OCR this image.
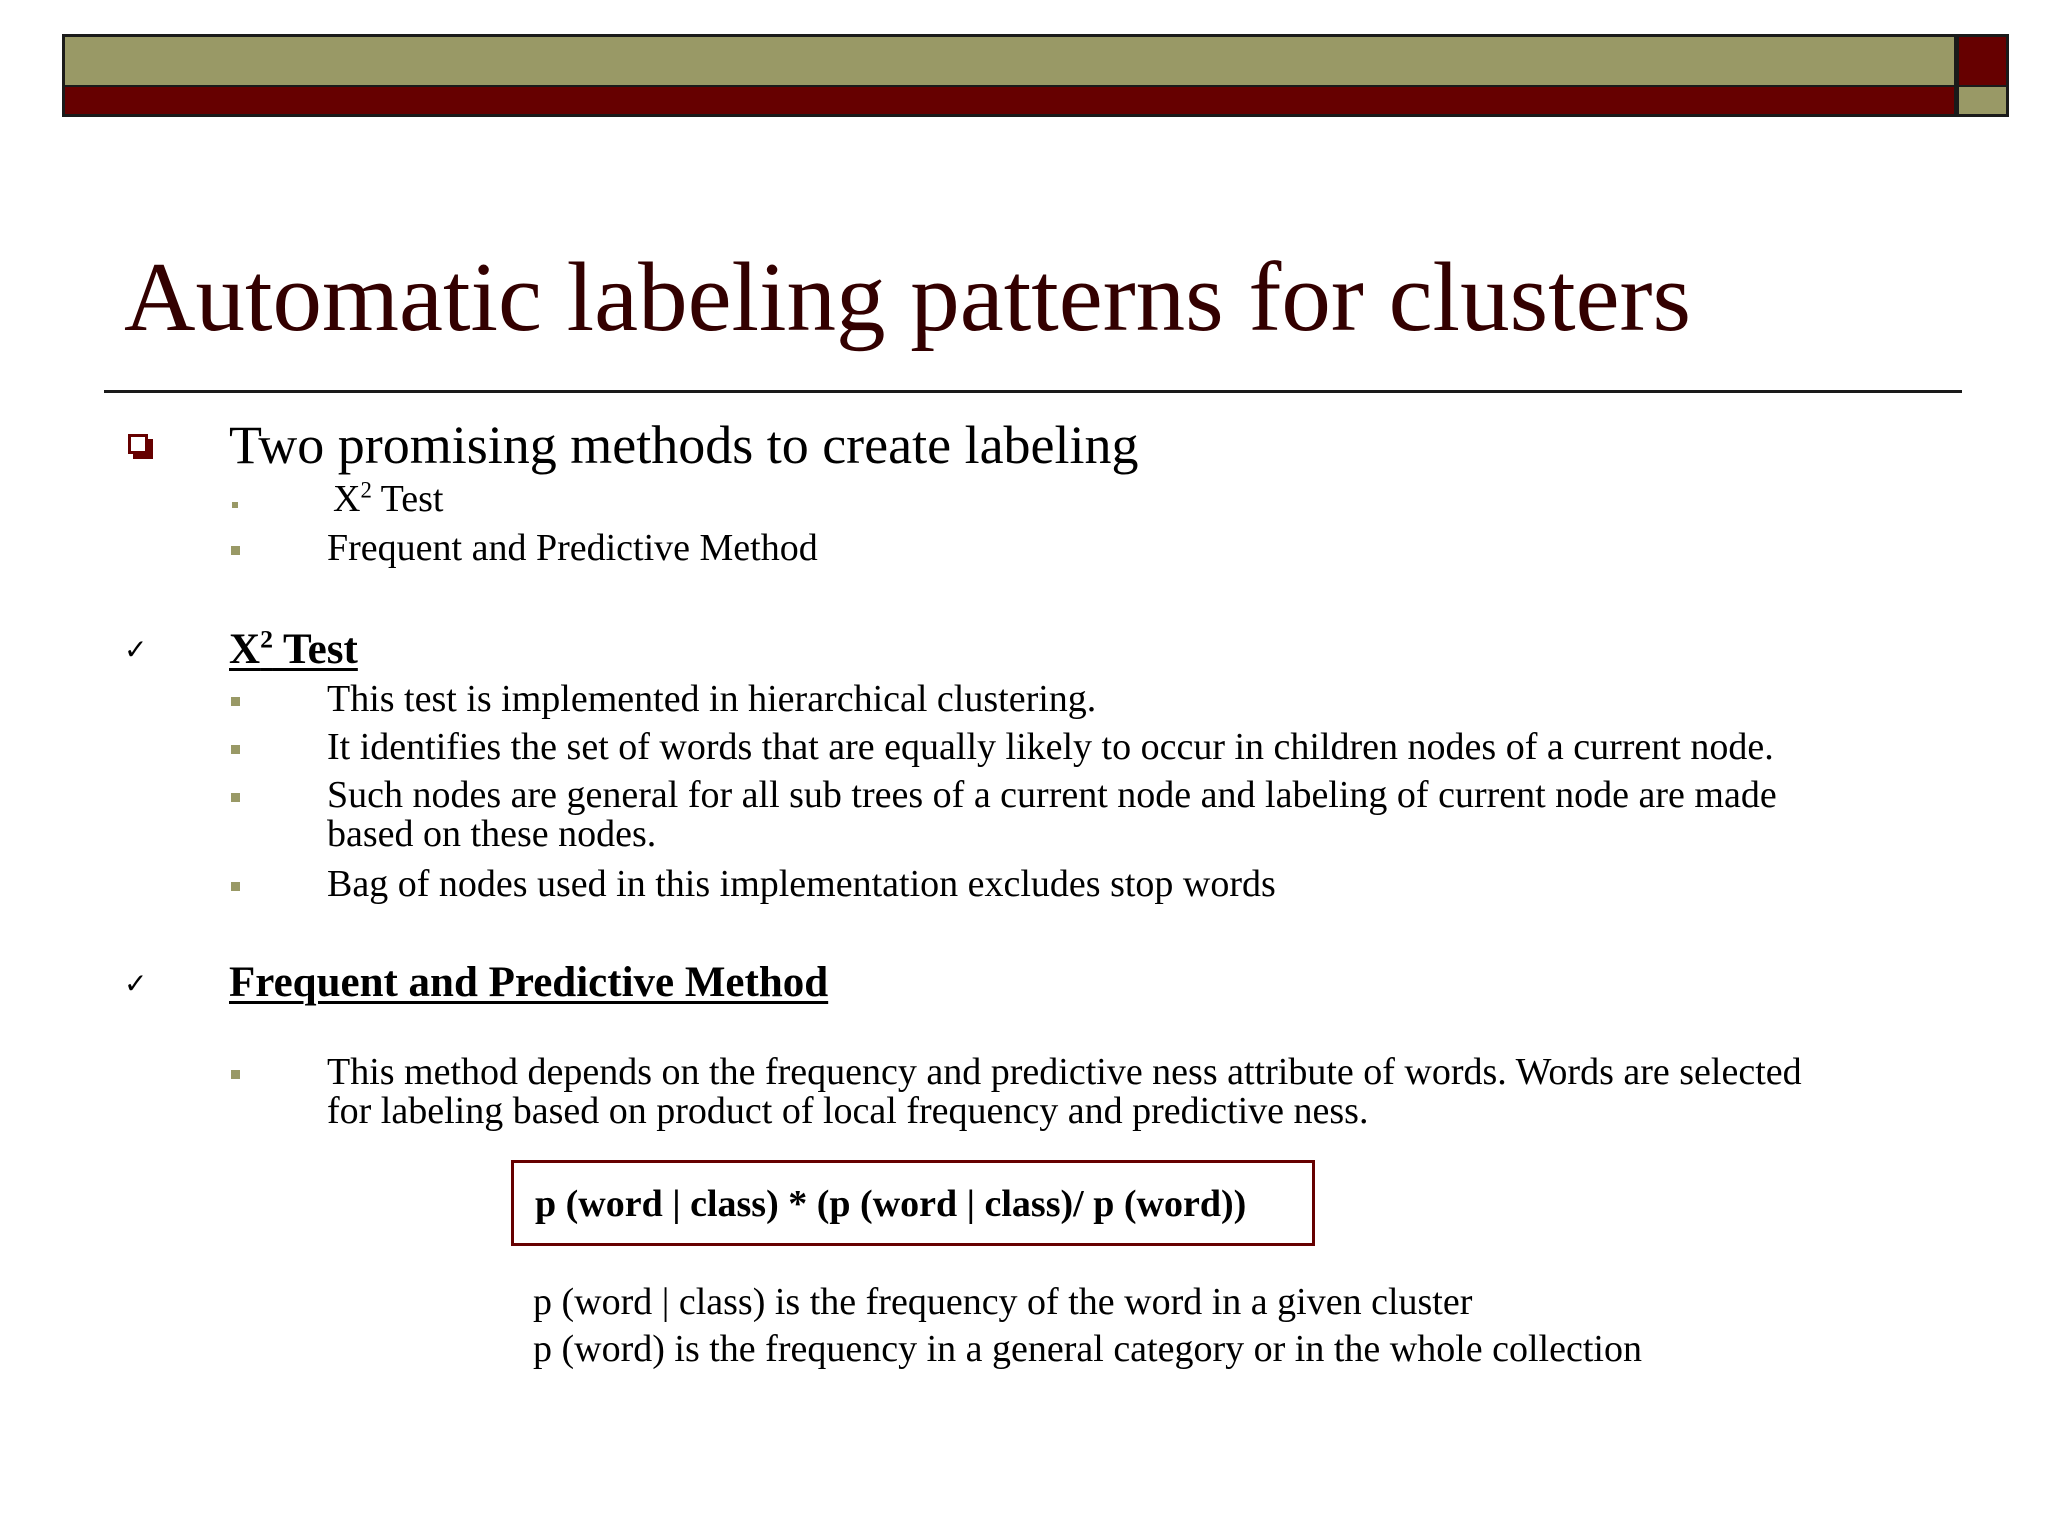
Automatic labeling patterns for clusters

Two promising methods to create labeling

$X^2$ Test

Frequent and Predictive Method

✓ $X^2$ Test

This test is implemented in hierarchical clustering.

It identifies the set of words that are equally likely to occur in children nodes of a current node.

Such nodes are general for all sub trees of a current node and labeling of current node are made

based on these nodes.

Bag of nodes used in this implementation excludes stop words

✓ Frequent and Predictive Method

This method depends on the frequency and predictive ness attribute of words. Words are selected

for labeling based on product of local frequency and predictive ness.

p (word | class) * (p (word | class)/ p (word))

p (word | class) is the frequency of the word in a given cluster

p (word) is the frequency in a general category or in the whole collection
